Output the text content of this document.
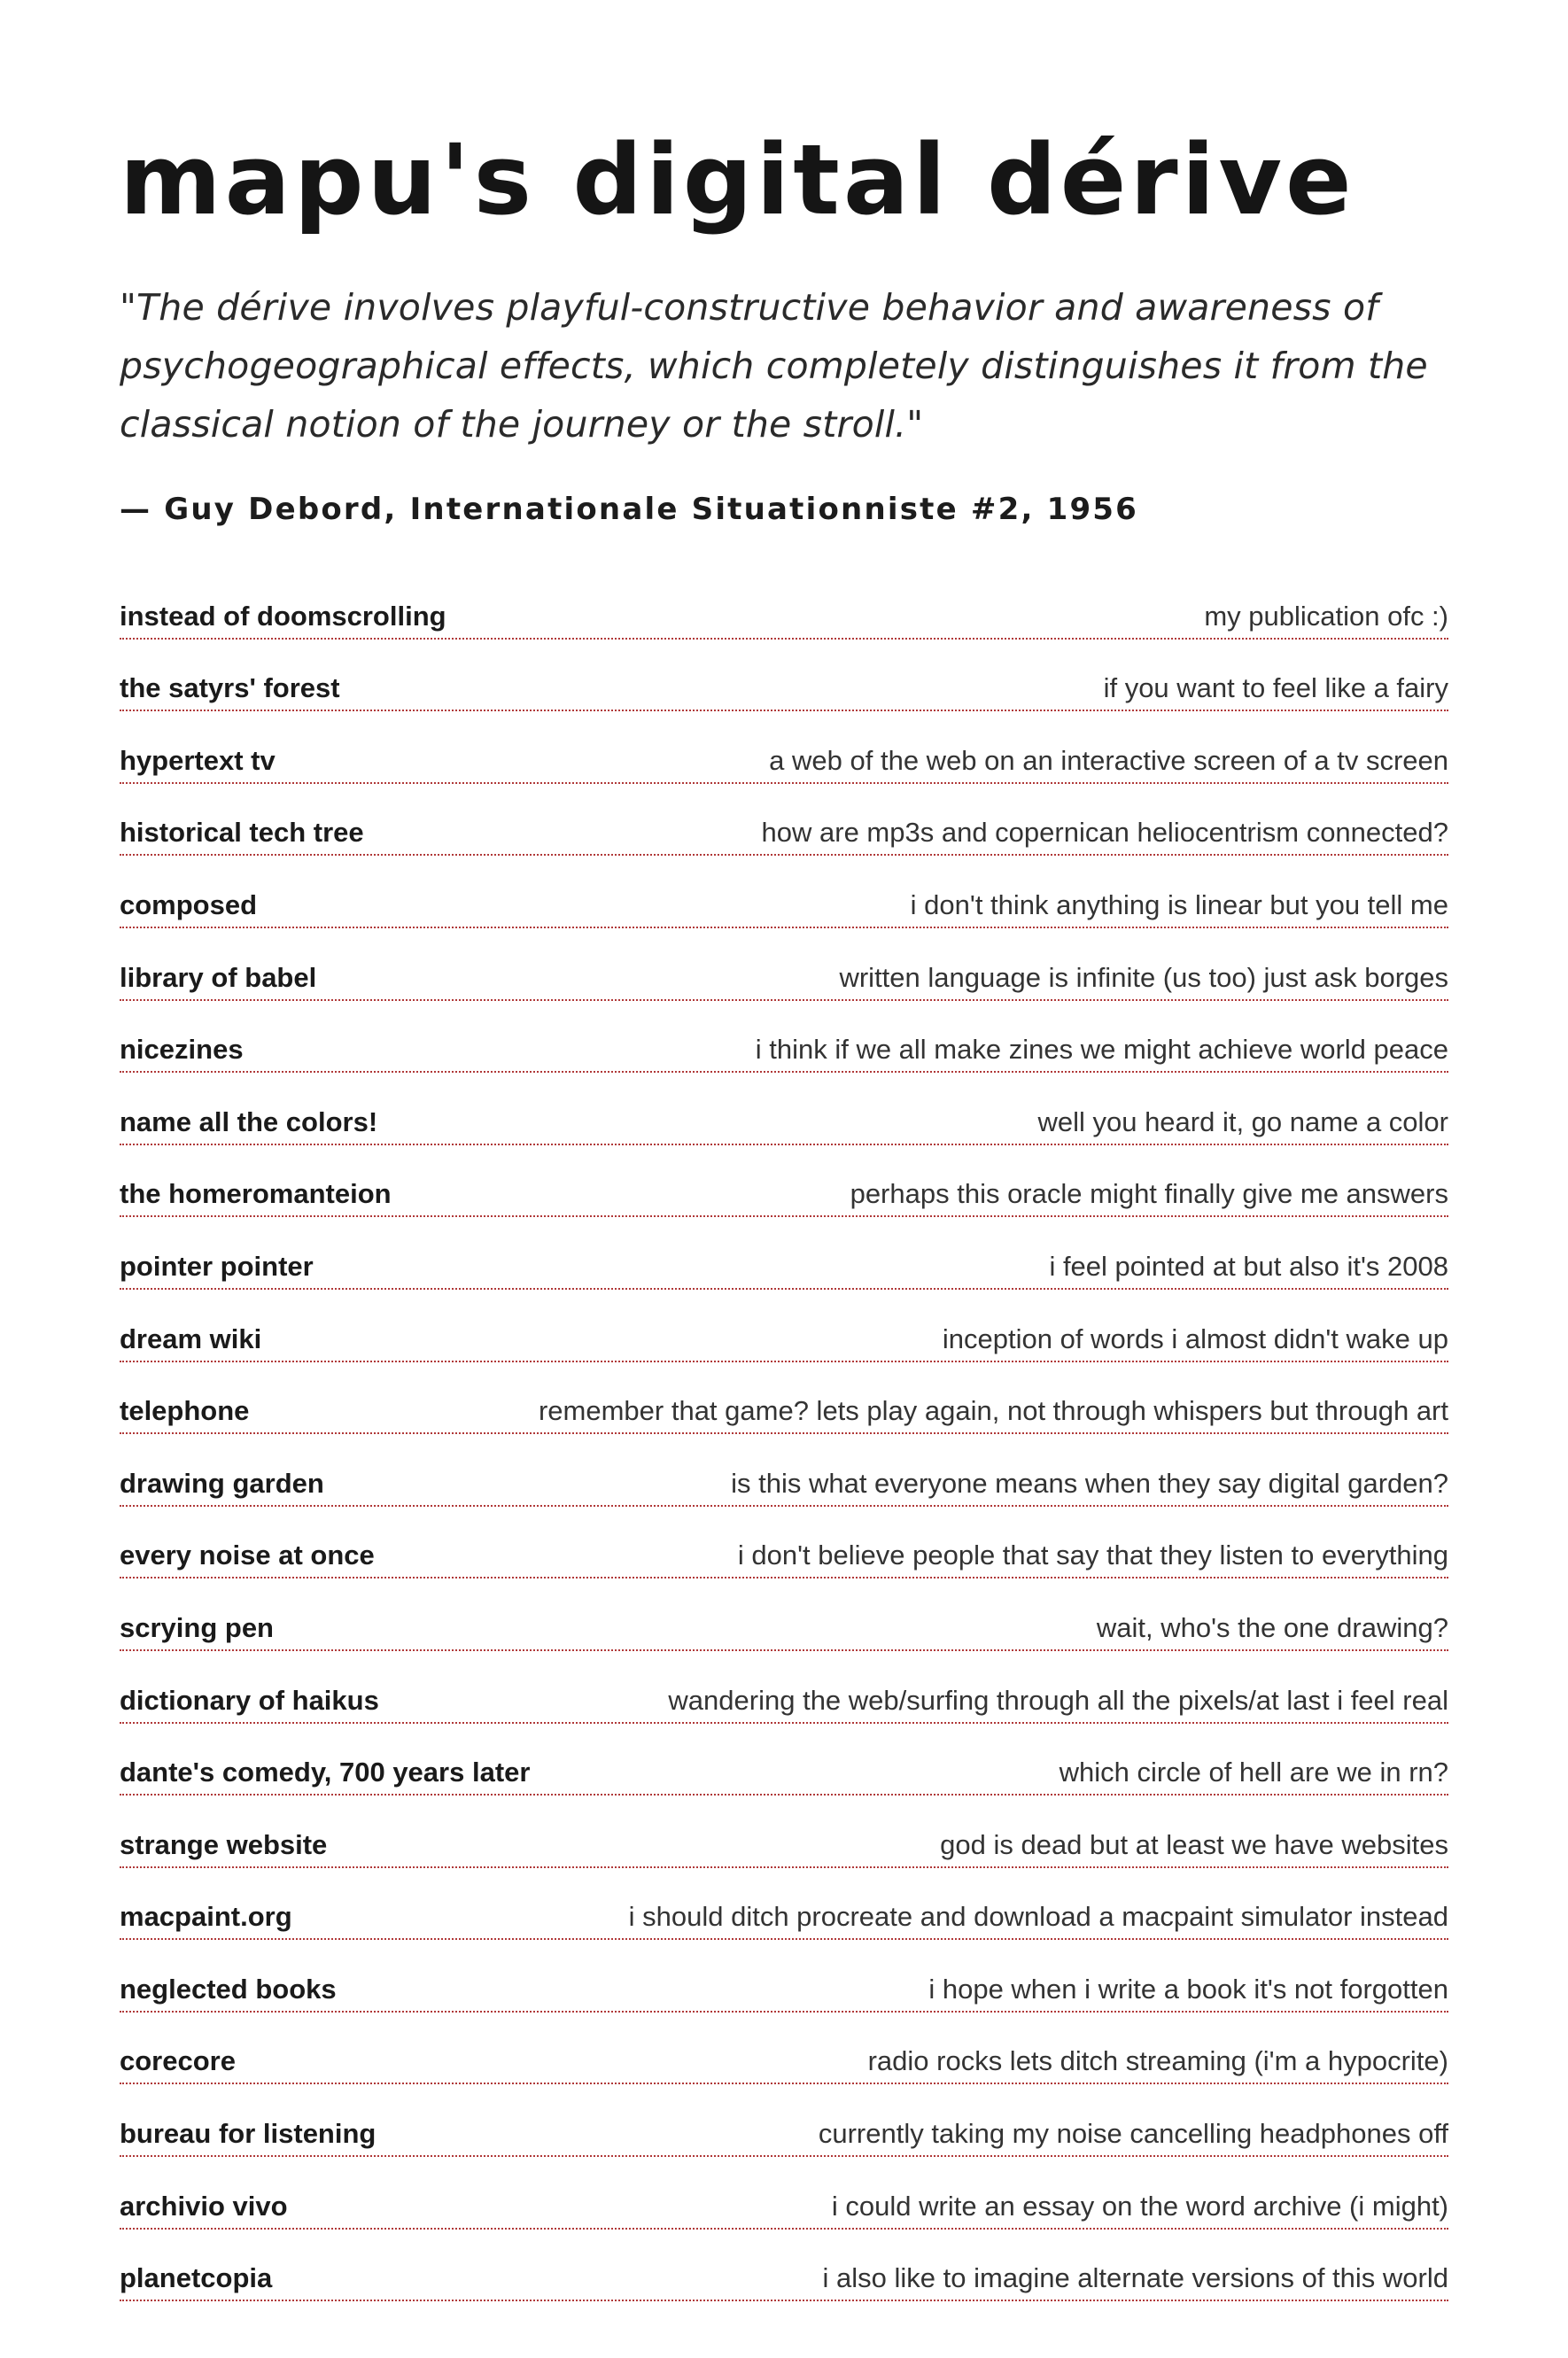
mapu's digital dérive

"The dérive involves playful-constructive behavior and awareness of psychogeographical effects, which completely distinguishes it from the classical notion of the journey or the stroll."

— Guy Debord, Internationale Situationniste #2, 1956

instead of doomscrolling	my publication ofc :)
the satyrs' forest	if you want to feel like a fairy
hypertext tv	a web of the web on an interactive screen of a tv screen
historical tech tree	how are mp3s and copernican heliocentrism connected?
composed	i don't think anything is linear but you tell me
library of babel	written language is infinite (us too) just ask borges
nicezines	i think if we all make zines we might achieve world peace
name all the colors!	well you heard it, go name a color
the homeromanteion	perhaps this oracle might finally give me answers
pointer pointer	i feel pointed at but also it's 2008
dream wiki	inception of words i almost didn't wake up
telephone	remember that game? lets play again, not through whispers but through art
drawing garden	is this what everyone means when they say digital garden?
every noise at once	i don't believe people that say that they listen to everything
scrying pen	wait, who's the one drawing?
dictionary of haikus	wandering the web/surfing through all the pixels/at last i feel real
dante's comedy, 700 years later	which circle of hell are we in rn?
strange website	god is dead but at least we have websites
macpaint.org	i should ditch procreate and download a macpaint simulator instead
neglected books	i hope when i write a book it's not forgotten
corecore	radio rocks lets ditch streaming (i'm a hypocrite)
bureau for listening	currently taking my noise cancelling headphones off
archivio vivo	i could write an essay on the word archive (i might)
planetcopia	i also like to imagine alternate versions of this world
